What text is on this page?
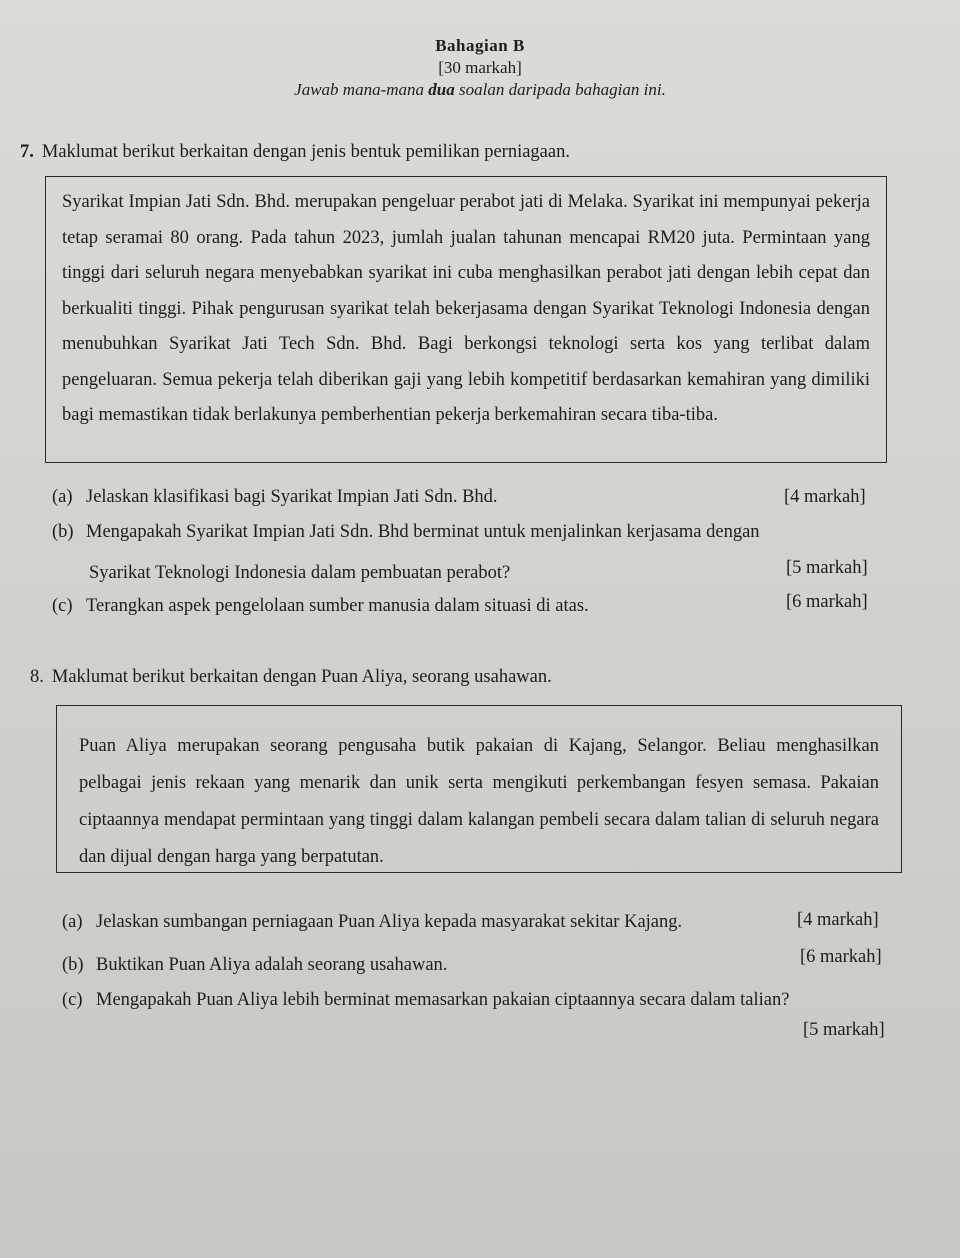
Bahagian B
[30 markah]
Jawab mana-mana dua soalan daripada bahagian ini.
7. Maklumat berikut berkaitan dengan jenis bentuk pemilikan perniagaan.

Syarikat Impian Jati Sdn. Bhd. merupakan pengeluar perabot jati di Melaka. Syarikat ini mempunyai pekerja tetap seramai 80 orang. Pada tahun 2023, jumlah jualan tahunan mencapai RM20 juta. Permintaan yang tinggi dari seluruh negara menyebabkan syarikat ini cuba menghasilkan perabot jati dengan lebih cepat dan berkualiti tinggi. Pihak pengurusan syarikat telah bekerjasama dengan Syarikat Teknologi Indonesia dengan menubuhkan Syarikat Jati Tech Sdn. Bhd. Bagi berkongsi teknologi serta kos yang terlibat dalam pengeluaran. Semua pekerja telah diberikan gaji yang lebih kompetitif berdasarkan kemahiran yang dimiliki bagi memastikan tidak berlakunya pemberhentian pekerja berkemahiran secara tiba-tiba.

(a) Jelaskan klasifikasi bagi Syarikat Impian Jati Sdn. Bhd.	[4 markah]
(b) Mengapakah Syarikat Impian Jati Sdn. Bhd berminat untuk menjalinkan kerjasama dengan
Syarikat Teknologi Indonesia dalam pembuatan perabot?	[5 markah]
(c) Terangkan aspek pengelolaan sumber manusia dalam situasi di atas.	[6 markah]
8. Maklumat berikut berkaitan dengan Puan Aliya, seorang usahawan.

Puan Aliya merupakan seorang pengusaha butik pakaian di Kajang, Selangor. Beliau menghasilkan pelbagai jenis rekaan yang menarik dan unik serta mengikuti perkembangan fesyen semasa. Pakaian ciptaannya mendapat permintaan yang tinggi dalam kalangan pembeli secara dalam talian di seluruh negara dan dijual dengan harga yang berpatutan.

(a) Jelaskan sumbangan perniagaan Puan Aliya kepada masyarakat sekitar Kajang.	[4 markah]
(b) Buktikan Puan Aliya adalah seorang usahawan.	[6 markah]
(c) Mengapakah Puan Aliya lebih berminat memasarkan pakaian ciptaannya secara dalam talian?
[5 markah]
